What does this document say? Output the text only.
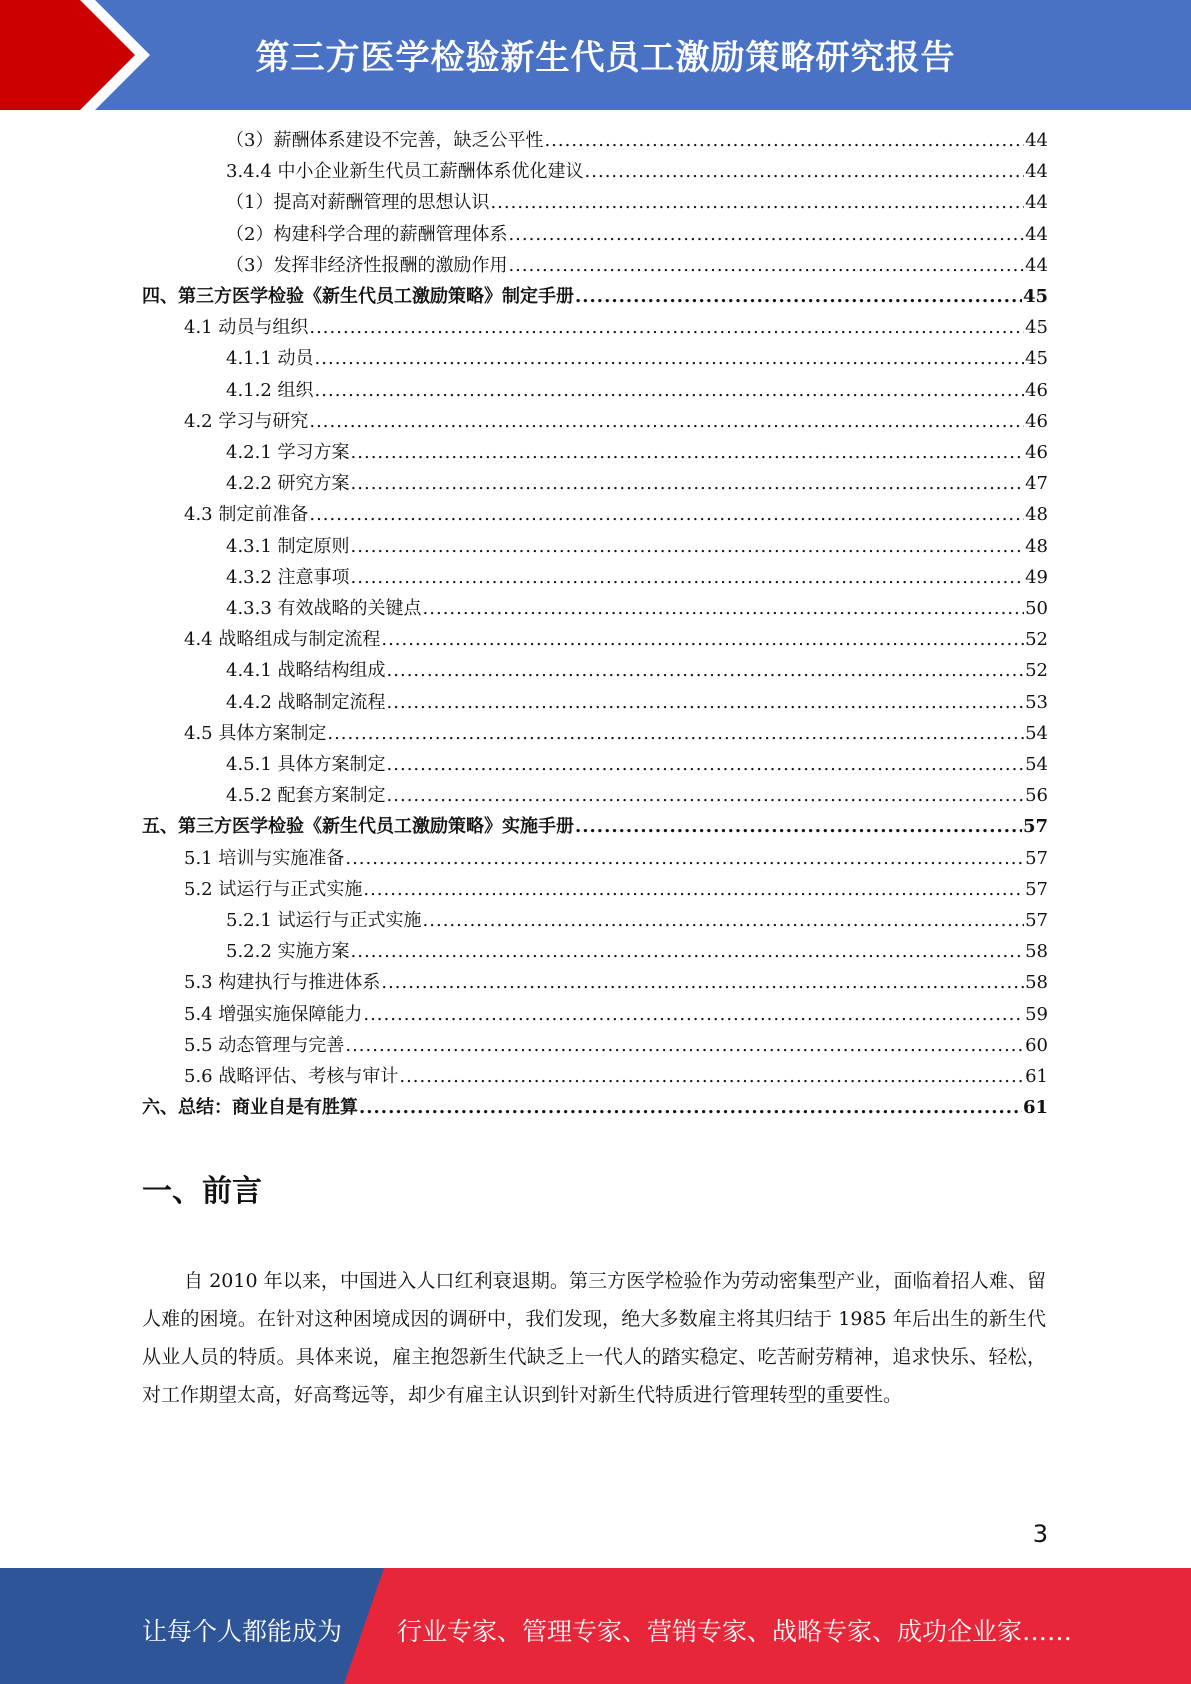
第三方医学检验新生代员工激励策略研究报告
（3）薪酬体系建设不完善，缺乏公平性 .....	44
3.4.4 中小企业新生代员工薪酬体系优化建议 .....	44
（1）提高对薪酬管理的思想认识 .....	44
（2）构建科学合理的薪酬管理体系 .....	44
（3）发挥非经济性报酬的激励作用 .....	44
四、第三方医学检验《新生代员工激励策略》制定手册 .....	45
4.1 动员与组织 .....	45
4.1.1 动员 .....	45
4.1.2 组织 .....	46
4.2 学习与研究 .....	46
4.2.1 学习方案 .....	46
4.2.2 研究方案 .....	47
4.3 制定前准备 .....	48
4.3.1 制定原则 .....	48
4.3.2 注意事项 .....	49
4.3.3 有效战略的关键点 .....	50
4.4 战略组成与制定流程 .....	52
4.4.1 战略结构组成 .....	52
4.4.2 战略制定流程 .....	53
4.5 具体方案制定 .....	54
4.5.1 具体方案制定 .....	54
4.5.2 配套方案制定 .....	56
五、第三方医学检验《新生代员工激励策略》实施手册 .....	57
5.1 培训与实施准备 .....	57
5.2 试运行与正式实施 .....	57
5.2.1 试运行与正式实施 .....	57
5.2.2 实施方案 .....	58
5.3 构建执行与推进体系 .....	58
5.4 增强实施保障能力 .....	59
5.5 动态管理与完善 .....	60
5.6 战略评估、考核与审计 .....	61
六、总结：商业自是有胜算 .....	61
一、前言
自 2010 年以来，中国进入人口红利衰退期。第三方医学检验作为劳动密集型产业，面临着招人难、留人难的困境。在针对这种困境成因的调研中，我们发现，绝大多数雇主将其归结于 1985 年后出生的新生代从业人员的特质。具体来说，雇主抱怨新生代缺乏上一代人的踏实稳定、吃苦耐劳精神，追求快乐、轻松，对工作期望太高，好高骛远等，却少有雇主认识到针对新生代特质进行管理转型的重要性。
3
让每个人都能成为 行业专家、管理专家、营销专家、战略专家、成功企业家……
